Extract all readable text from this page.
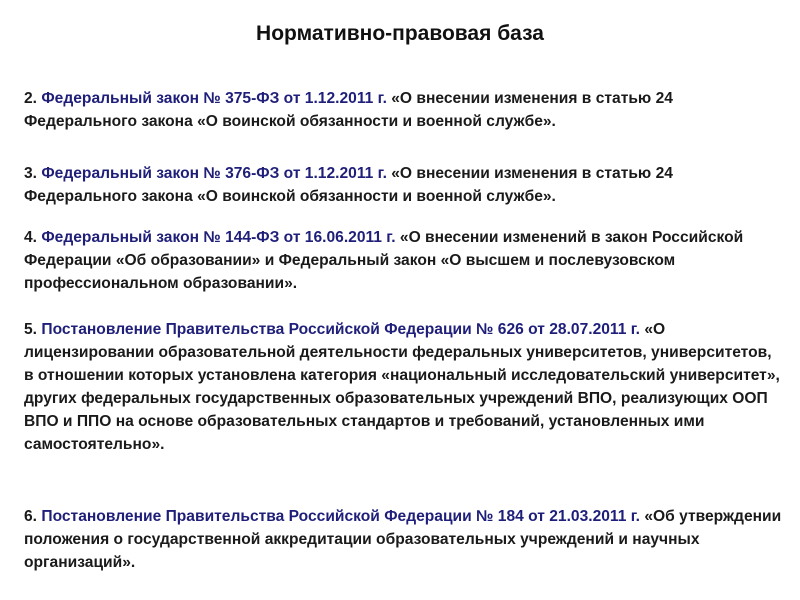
Нормативно-правовая база
2. Федеральный закон № 375-ФЗ от 1.12.2011 г. «О внесении изменения в статью 24 Федерального закона «О воинской обязанности и военной службе».
3. Федеральный закон № 376-ФЗ от 1.12.2011 г. «О внесении изменения в статью 24 Федерального закона «О воинской обязанности и военной службе».
4. Федеральный закон № 144-ФЗ от 16.06.2011 г. «О внесении изменений в закон Российской Федерации «Об образовании» и Федеральный закон «О высшем и послевузовском профессиональном образовании».
5. Постановление Правительства Российской Федерации № 626 от 28.07.2011 г. «О лицензировании образовательной деятельности федеральных университетов, университетов, в отношении которых установлена категория «национальный исследовательский университет», других федеральных государственных образовательных учреждений ВПО, реализующих ООП ВПО и ППО на основе образовательных стандартов и требований, установленных ими самостоятельно».
6. Постановление Правительства Российской Федерации № 184 от 21.03.2011 г. «Об утверждении положения о государственной аккредитации образовательных учреждений и научных организаций».
